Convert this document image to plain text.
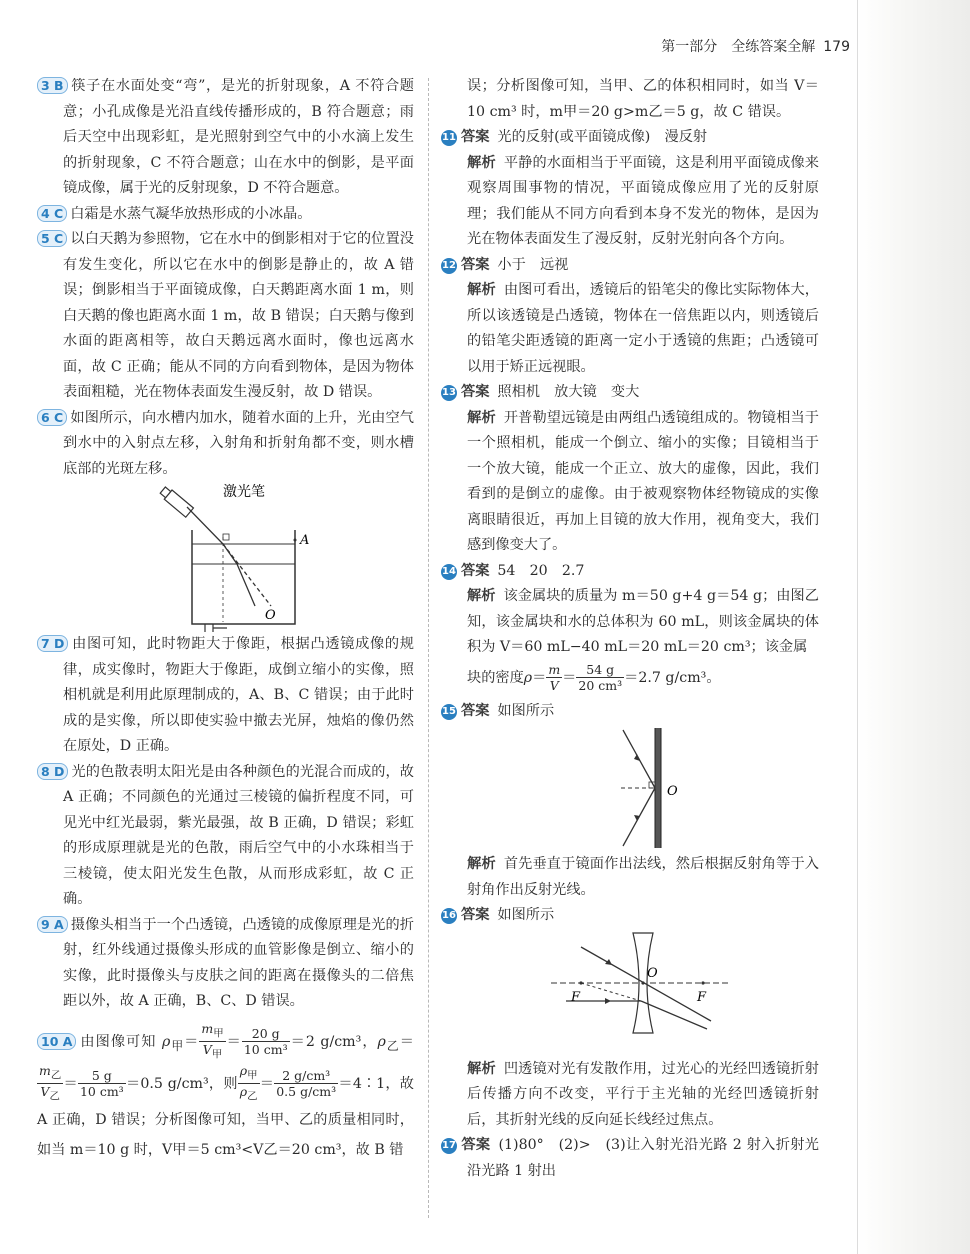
第一部分　全练答案全解 179
3 B 筷子在水面处变“弯”，是光的折射现象，A 不符合题意；小孔成像是光沿直线传播形成的，B 符合题意；雨后天空中出现彩虹，是光照射到空气中的小水滴上发生的折射现象，C 不符合题意；山在水中的倒影，是平面镜成像，属于光的反射现象，D 不符合题意。
4 C 白霜是水蒸气凝华放热形成的小冰晶。
5 C 以白天鹅为参照物，它在水中的倒影相对于它的位置没有发生变化，所以它在水中的倒影是静止的，故 A 错误；倒影相当于平面镜成像，白天鹅距离水面 1 m，则白天鹅的像也距离水面 1 m，故 B 错误；白天鹅与像到水面的距离相等，故白天鹅远离水面时，像也远离水面，故 C 正确；能从不同的方向看到物体，是因为物体表面粗糙，光在物体表面发生漫反射，故 D 错误。
6 C 如图所示，向水槽内加水，随着水面的上升，光由空气到水中的入射点左移，入射角和折射角都不变，则水槽底部的光斑左移。
激光笔
A
O
7 D 由图可知，此时物距大于像距，根据凸透镜成像的规律，成实像时，物距大于像距，成倒立缩小的实像，照相机就是利用此原理制成的，A、B、C 错误；由于此时成的是实像，所以即使实验中撤去光屏，烛焰的像仍然在原处，D 正确。
8 D 光的色散表明太阳光是由各种颜色的光混合而成的，故 A 正确；不同颜色的光通过三棱镜的偏折程度不同，可见光中红光最弱，紫光最强，故 B 正确，D 错误；彩虹的形成原理就是光的色散，雨后空气中的小水珠相当于三棱镜，使太阳光发生色散，从而形成彩虹，故 C 正确。
9 A 摄像头相当于一个凸透镜，凸透镜的成像原理是光的折射，红外线通过摄像头形成的血管影像是倒立、缩小的实像，此时摄像头与皮肤之间的距离在摄像头的二倍焦距以外，故 A 正确，B、C、D 错误。
10 A 由图像可知 $\rho_甲= \frac{m_甲}{V_甲} = \frac{20 g}{\text{10 cm³}} =2$ g/cm³，$\rho_乙=$
$\frac{m_乙}{V_乙} = \frac{5 g}{\text{10 cm³}} =0.5$ g/cm³，则 $\frac{\rho_甲}{\rho_乙} = \frac{\text{2 g/cm³}}{\text{0.5 g/cm³}}$ ＝4∶1，故 A 正确，D 错误；分析图像可知，当甲、乙的质量相同时，如当 m＝10 g 时，V甲＝5 cm³<V乙＝20 cm³，故 B 错
误；分析图像可知，当甲、乙的体积相同时，如当 V＝10 cm³ 时，m甲＝20 g>m乙＝5 g，故 C 错误。

11 答案 光的反射(或平面镜成像)　漫反射

解析 平静的水面相当于平面镜，这是利用平面镜成像来观察周围事物的情况，平面镜成像应用了光的反射原理；我们能从不同方向看到本身不发光的物体，是因为光在物体表面发生了漫反射，反射光射向各个方向。

12 答案 小于　远视

解析 由图可看出，透镜后的铅笔尖的像比实际物体大，所以该透镜是凸透镜，物体在一倍焦距以内，则透镜后的铅笔尖距透镜的距离一定小于透镜的焦距；凸透镜可以用于矫正远视眼。

13 答案 照相机　放大镜　变大

解析 开普勒望远镜是由两组凸透镜组成的。物镜相当于一个照相机，能成一个倒立、缩小的实像；目镜相当于一个放大镜，能成一个正立、放大的虚像，因此，我们看到的是倒立的虚像。由于被观察物体经物镜成的实像离眼睛很近，再加上目镜的放大作用，视角变大，我们感到像变大了。

14 答案 54　20　2.7

解析 该金属块的质量为 m＝50 g+4 g＝54 g；由图乙知，该金属块和水的总体积为 60 mL，则该金属块的体积为 V＝60 mL−40 mL＝20 mL＝20 cm³；该金属

块的密度$\rho= \frac{m}{V} = \frac{54 g}{\text{20 cm³}} =2.7$ g/cm³。

15 答案 如图所示

O

解析 首先垂直于镜面作出法线，然后根据反射角等于入射角作出反射光线。

16 答案 如图所示

F	F
O

解析 凹透镜对光有发散作用，过光心的光经凹透镜折射后传播方向不改变，平行于主光轴的光经凹透镜折射后，其折射光线的反向延长线经过焦点。

17 答案 (1)80°　(2)>　(3)让入射光沿光路 2 射入折射光沿光路 1 射出
